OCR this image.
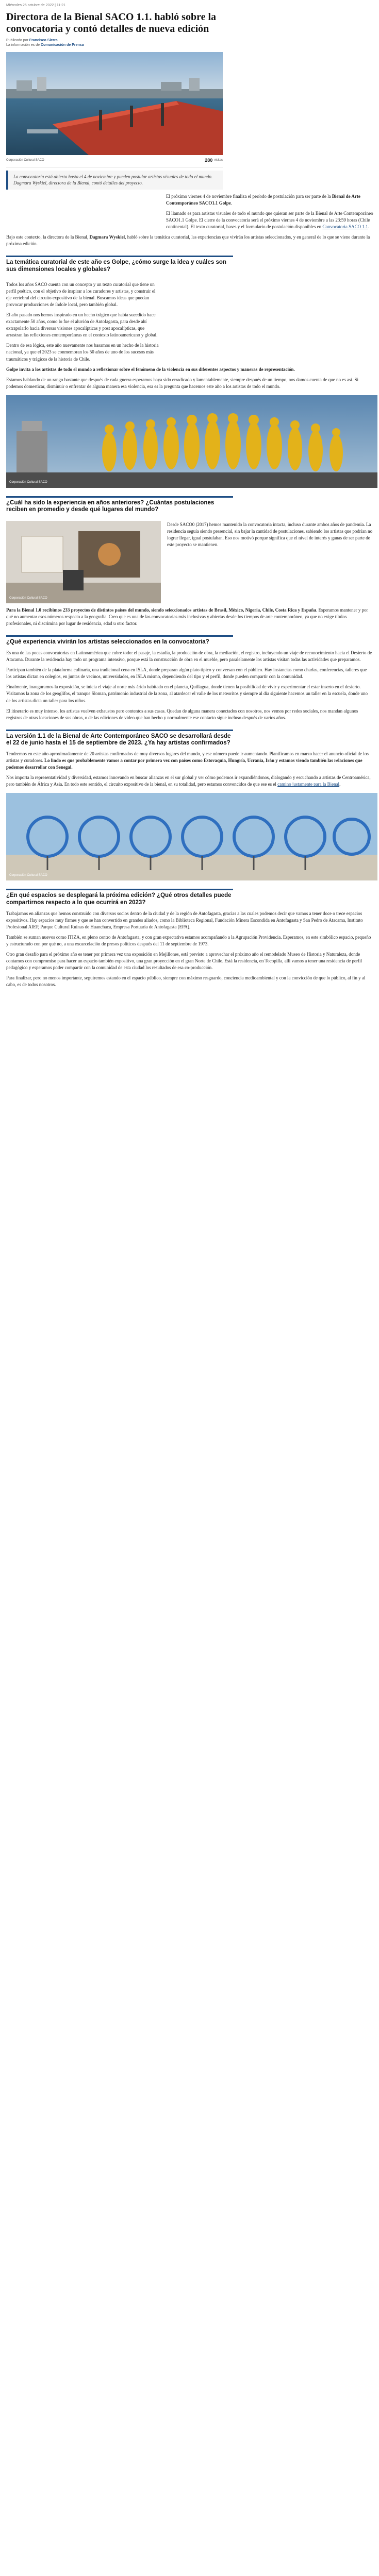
Miércoles 26 octubre de 2022 | 11:21
Directora de la Bienal SACO 1.1. habló sobre la convocatoria y contó detalles de nueva edición
Publicado por Francisco Sierra
La información es de Comunicación de Prensa
Corporación Cultural SACO	280 visitas
La convocatoria está abierta hasta el 4 de noviembre y pueden postular artistas visuales de todo el mundo. Dagmara Wyskiel, directora de la Bienal, contó detalles del proyecto.

El próximo viernes 4 de noviembre finaliza el período de postulación para ser parte de la Bienal de Arte Contemporáneo SACO1.1 Golpe.

El llamado es para artistas visuales de todo el mundo que quieran ser parte de la Bienal de Arte Contemporáneo SACO1.1 Golpe. El cierre de la convocatoria será el próximo viernes 4 de noviembre a las 23:59 horas (Chile continental). El texto curatorial, bases y el formulario de postulación disponibles en Convocatoria SACO 1.1.

Bajo este contexto, la directora de la Bienal, Dagmara Wyskiel, habló sobre la temática curatorial, las experiencias que vivirán los artistas seleccionados, y en general de lo que se viene durante la próxima edición.

La temática curatorial de este año es Golpe, ¿cómo surge la idea y cuáles son sus dimensiones locales y globales?

Todos los años SACO cuenta con un concepto y un texto curatorial que tiene un perfil poético, con el objetivo de inspirar a los curadores y artistas, y construir el eje vertebral del circuito expositivo de la bienal. Buscamos ideas que puedan provocar producciones de índole local, pero también global.

El año pasado nos hemos inspirado en un hecho trágico que había sucedido hace exactamente 50 años, como lo fue el aluvión de Antofagasta, para desde ahí extrapolarlo hacia diversas visiones apocalípticas y post apocalípticas, que arrastran las reflexiones contemporáneas en el contexto latinoamericano y global.

Dentro de esa lógica, este año nuevamente nos basamos en un hecho de la historia nacional, ya que el 2023 se conmemoran los 50 años de uno de los sucesos más traumáticos y trágicos de la historia de Chile.

Golpe invita a los artistas de todo el mundo a reflexionar sobre el fenómeno de la violencia en sus diferentes aspectos y maneras de representación.

Estamos hablando de un rango bastante que después de cada guerra esperamos haya sido erradicado y lamentablemente, siempre después de un tiempo, nos damos cuenta de que no es así. Si podemos domesticar, disminuir o enfrentar de alguna manera esa violencia, esa es la pregunta que hacemos este año a los artistas de todo el mundo.

Corporación Cultural SACO
¿Cuál ha sido la experiencia en años anteriores? ¿Cuántas postulaciones reciben en promedio y desde qué lugares del mundo?
Corporación Cultural SACO

Desde SACO0 (2017) hemos mantenido la convocatoria intacta, incluso durante ambos años de pandemia. La residencia seguía siendo presencial, sin bajar la cantidad de postulaciones, sabiendo los artistas que podrían no lograr llegar, igual postulaban. Eso nos motivó porque significa que el nivel de interés y ganas de ser parte de este proyecto se mantienen.

Para la Bienal 1.0 recibimos 233 proyectos de distintos países del mundo, siendo seleccionados artistas de Brasil, México, Nigeria, Chile, Costa Rica y España. Esperamos mantener y por qué no aumentar esos números respecto a la geografía. Creo que es una de las convocatorias más inclusivas y abiertas desde los tiempos de arte contemporáneo, ya que no exige títulos profesionales, ni discrimina por lugar de residencia, edad u otro factor.

¿Qué experiencia vivirán los artistas seleccionados en la convocatoria?

Es una de las pocas convocatorias en Latinoamérica que cubre todo: el pasaje, la estadía, la producción de obra, la mediación, el registro, incluyendo un viaje de reconocimiento hacia el Desierto de Atacama. Durante la residencia hay todo un programa intensivo, porque está la construcción de obra en el mueble, pero paralelamente los artistas visitan todas las actividades que preparamos.

Participan también de la plataforma culinaria, una tradicional cena en ISLA, donde preparan algún plato típico y conversan con el público. Hay instancias como charlas, conferencias, talleres que los artistas dictan en colegios, en juntas de vecinos, universidades, en ISLA mismo, dependiendo del tipo y el perfil, donde pueden compartir con la comunidad.

Finalmente, inauguramos la exposición, se inicia el viaje al norte más árido habitado en el planeta, Quillagua, donde tienen la posibilidad de vivir y experimentar el estar inserto en el desierto. Visitamos la zona de los geoglifos, el tranque Sloman, patrimonio industrial de la zona, al atardecer el valle de los meteoritos y siempre al día siguiente hacemos un taller en la escuela, donde uno de los artistas dicta un taller para los niños.

El itinerario es muy intenso, los artistas vuelven exhaustos pero contentos a sus casas. Quedan de alguna manera conectados con nosotros, nos vemos por redes sociales, nos mandan algunos registros de otras locaciones de sus obras, o de las ediciones de video que han hecho y normalmente ese contacto sigue incluso después de varios años.

La versión 1.1 de la Bienal de Arte Contemporáneo SACO se desarrollará desde el 22 de junio hasta el 15 de septiembre de 2023. ¿Ya hay artistas confirmados?

Tendremos en este año aproximadamente de 20 artistas confirmados de muy diversos lugares del mundo, y ese número puede ir aumentando. Planificamos en marzo hacer el anuncio oficial de los artistas y curadores. Lo lindo es que probablemente vamos a contar por primera vez con países como Estovaquia, Hungría, Ucrania, Irán y estamos viendo también las relaciones que podemos desarrollar con Senegal.

Nos importa la representatividad y diversidad, estamos innovando en buscar alianzas en el sur global y ver cómo podemos ir expandiéndonos, dialogando y escuchando a artistas de Centroamérica, pero también de África y Asia. En todo este sentido, el circuito expositivo de la bienal, en su totalidad, pero estamos convencidos de que ese es el camino justamente para la Bienal.

Corporación Cultural SACO
¿En qué espacios se desplegará la próxima edición? ¿Qué otros detalles puede compartirnos respecto a lo que ocurrirá en 2023?

Trabajamos en alianzas que hemos construido con diversos socios dentro de la ciudad y de la región de Antofagasta, gracias a las cuales podemos decir que vamos a tener doce o trece espacios expositivos. Hay espacios muy firmes y que se han convertido en grandes aliados, como la Biblioteca Regional, Fundación Minera Escondida en Antofagasta y San Pedro de Atacama, Instituto Profesional AIEP, Parque Cultural Ruinas de Huanchaca, Empresa Portuaria de Antofagasta (EPA).

También se suman nuevos como ITIZA, en pleno centro de Antofagasta, y con gran expectativa estamos acompañando a la Agrupación Providencia. Esperamos, en este simbólico espacio, pequeño y estructurado con por qué no, a una excarcelación de presos políticos después del 11 de septiembre de 1973.

Otro gran desafío para el próximo año es tener por primera vez una exposición en Mejillones, está previsto a aprovechar el próximo año el remodelado Museo de Historia y Naturaleza, donde contamos con compromiso para hacer un espacio también expositivo, una gran proyección en el gran Norte de Chile. Está la residencia, en Tocopilla, allí vamos a tener una residencia de perfil pedagógico y esperamos poder compartir con la comunidad de esta ciudad los resultados de esa co-producción.

Para finalizar, pero no menos importante, seguiremos estando en el espacio público, siempre con máximo resguardo, conciencia medioambiental y con la convicción de que lo público, al fin y al cabo, es de todos nosotros.
